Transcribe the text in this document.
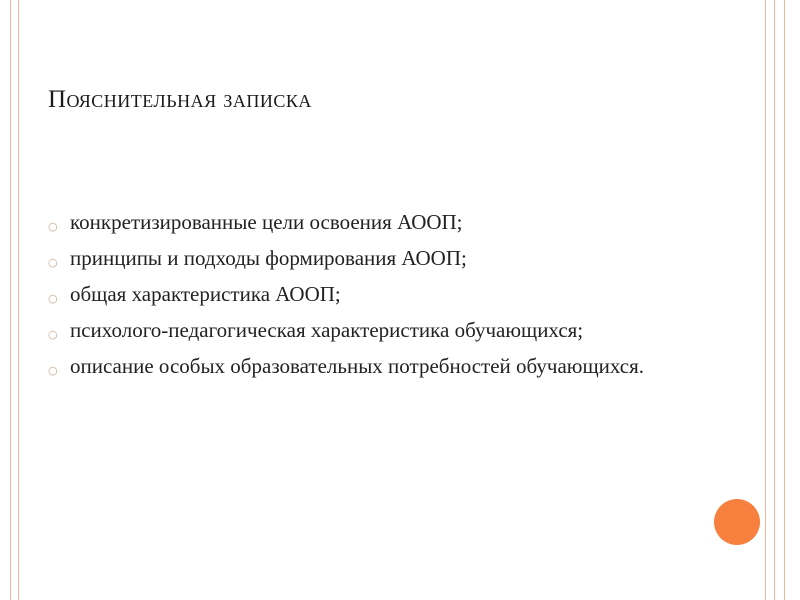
Пояснительная записка
○ конкретизированные цели освоения АООП;
○ принципы и подходы формирования АООП;
○ общая характеристика АООП;
○ психолого-педагогическая характеристика обучающихся;
○ описание особых образовательных потребностей обучающихся.
